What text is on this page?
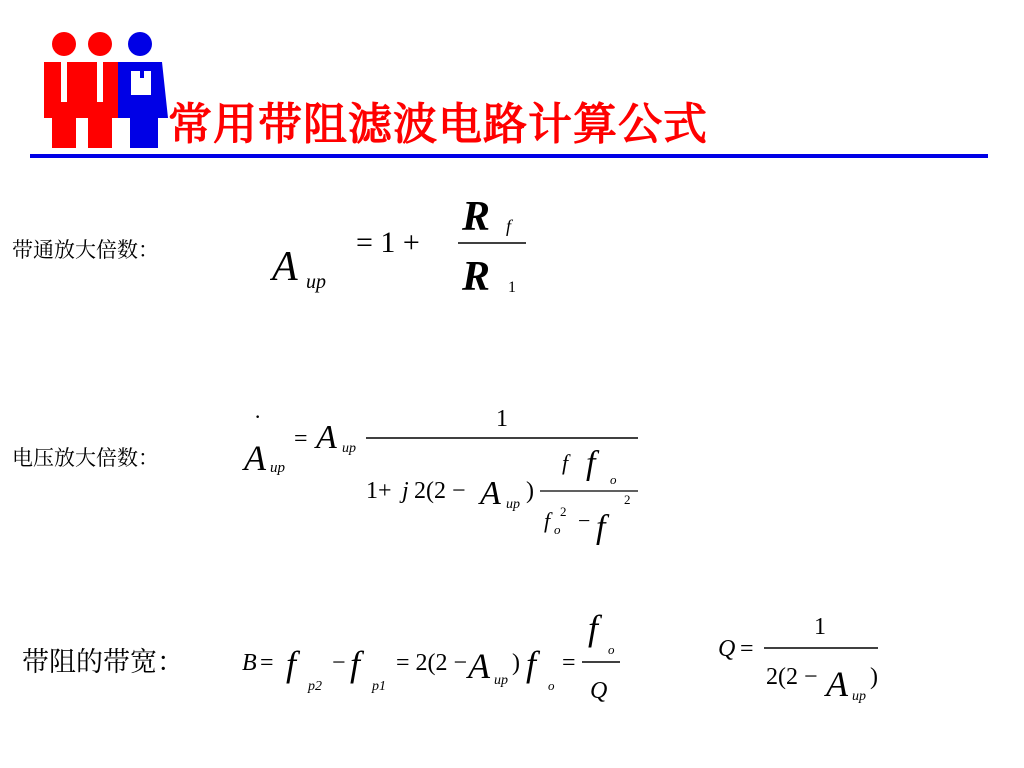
常用带阻滤波电路计算公式
带通放大倍数：	A up
= 1 +
R f
R 1
电压放大倍数：
·
A up
= A up
1
1+ j 2(2 − A up
)
f f	o
f o
2 − f
2
带阻的带宽： B = f
p2
− f
p1
= 2(2 − A up
) f
o
=
f
o
Q
Q =
1
2(2 − A up
)
